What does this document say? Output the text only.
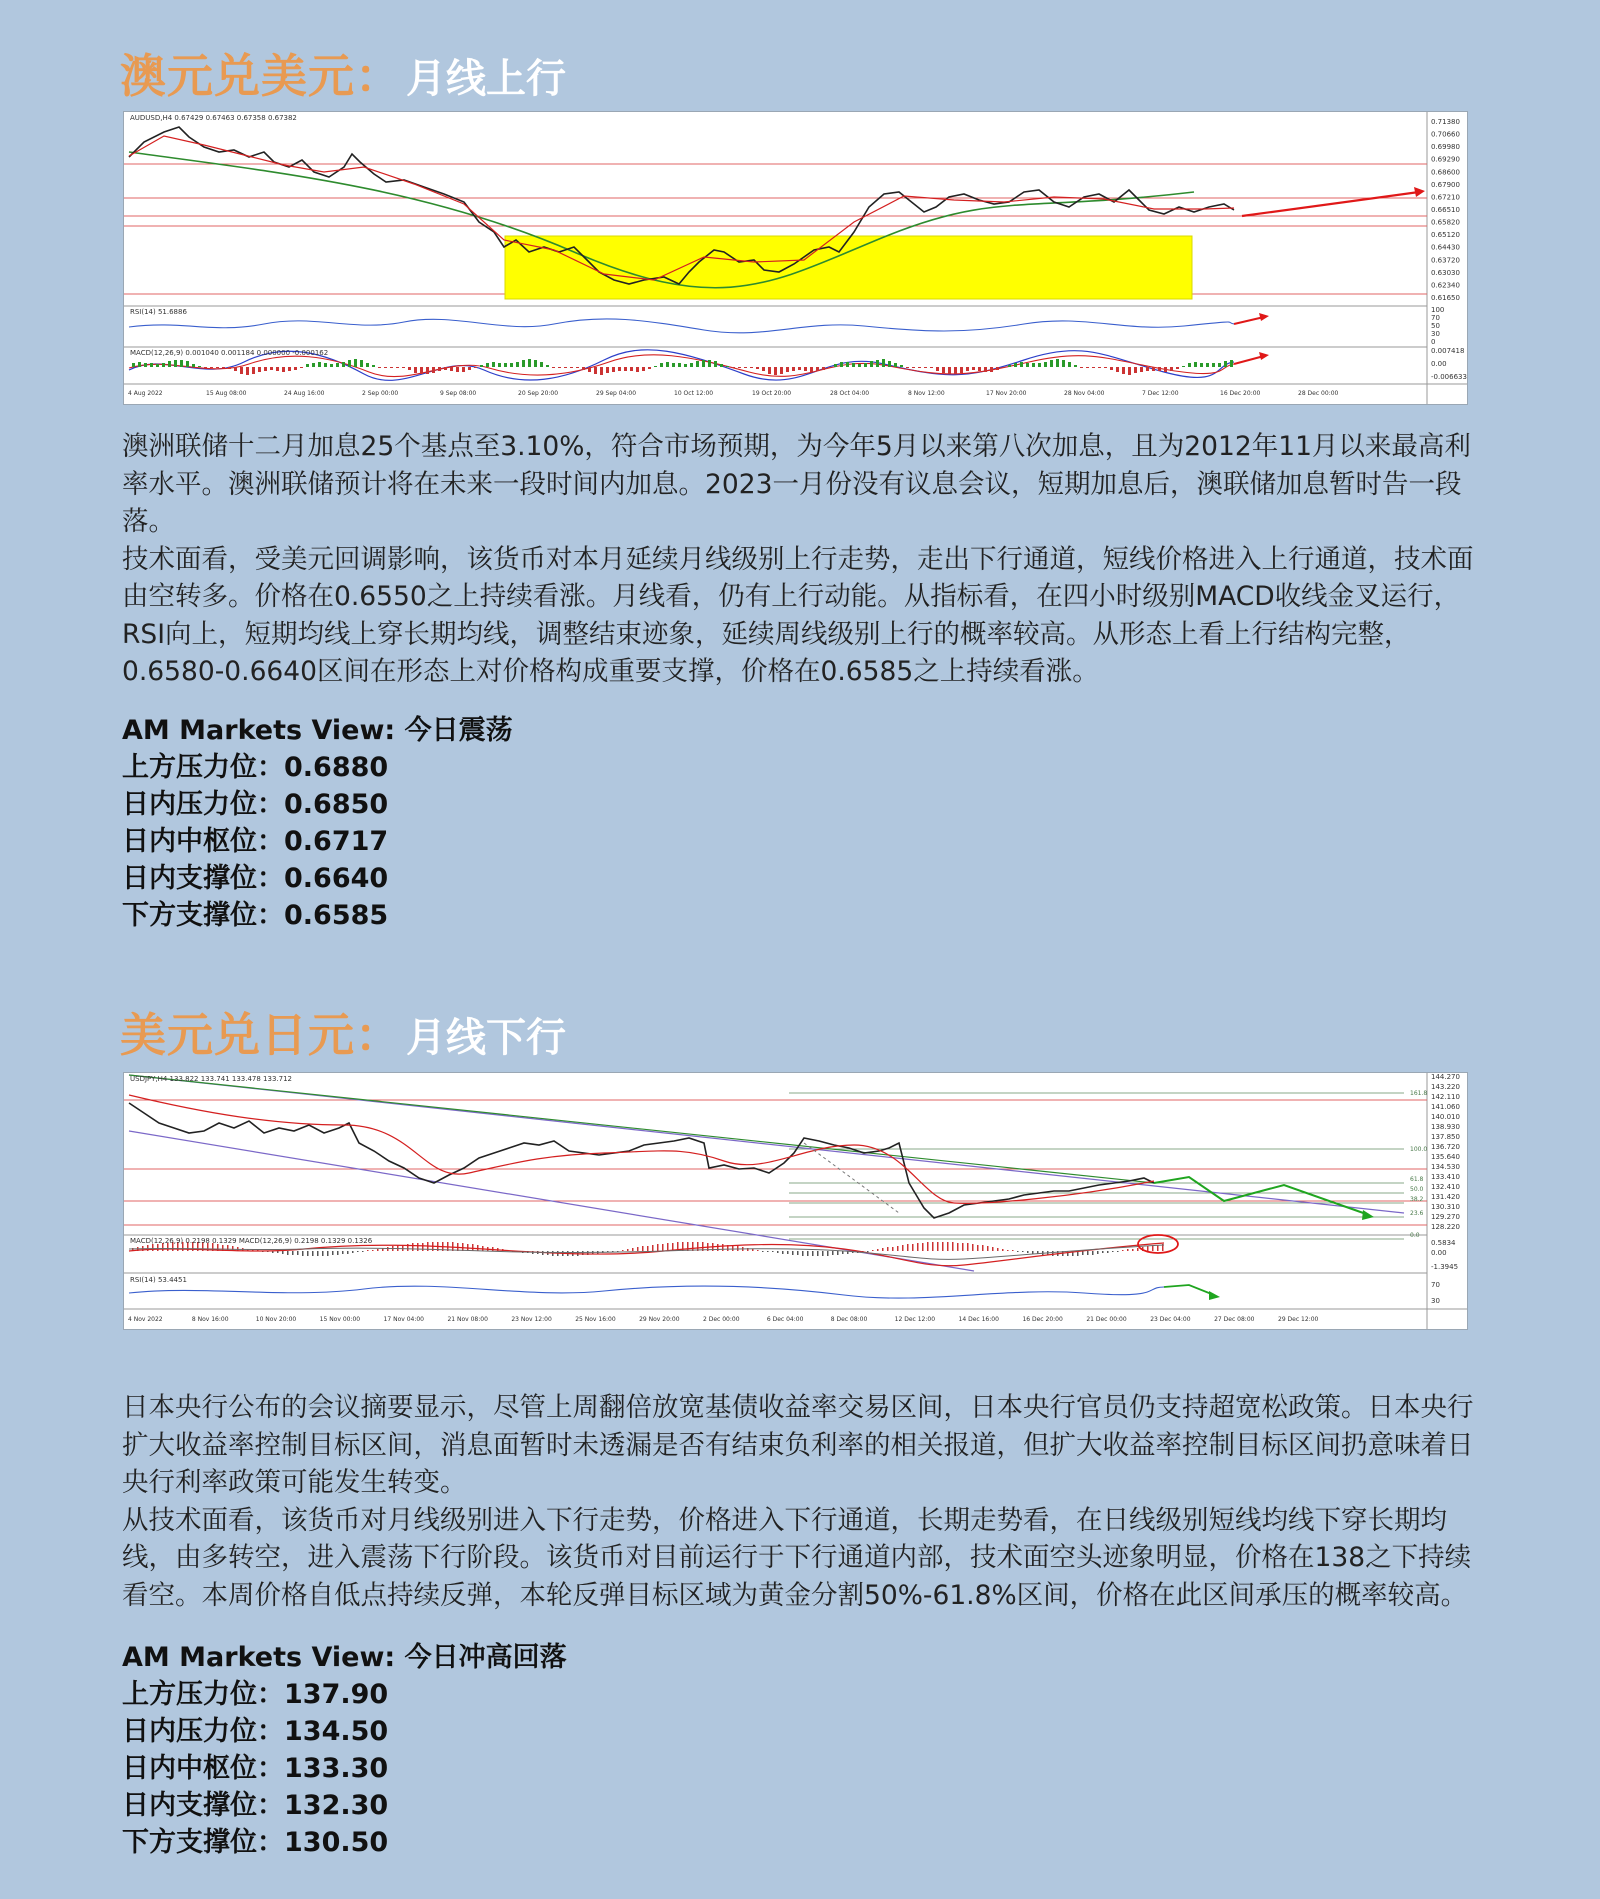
澳元兑美元： 月线上行
AUDUSD,H4 0.67429 0.67463 0.67358 0.67382
RSI(14) 51.6886
MACD(12,26,9) 0.001040 0.001184 0.000000 -0.000162
0.71380
0.70660
0.69980
0.69290
0.68600
0.67900
0.67210
0.66510
0.65820
0.65120
0.64430
0.63720
0.63030
0.62340
0.61650
100
70
50
30
0
0.007418
0.00
-0.006633
4 Aug 2022	15 Aug 08:00	24 Aug 16:00	2 Sep 00:00	9 Sep 08:00	20 Sep 20:00	29 Sep 04:00	10 Oct 12:00	19 Oct 20:00	28 Oct 04:00	8 Nov 12:00	17 Nov 20:00	28 Nov 04:00	7 Dec 12:00	16 Dec 20:00	28 Dec 00:00

澳洲联储十二月加息25个基点至3.10%，符合市场预期，为今年5月以来第八次加息，且为2012年11月以来最高利率水平。澳洲联储预计将在未来一段时间内加息。2023一月份没有议息会议，短期加息后，澳联储加息暂时告一段落。

技术面看，受美元回调影响，该货币对本月延续月线级别上行走势，走出下行通道，短线价格进入上行通道，技术面由空转多。价格在0.6550之上持续看涨。月线看，仍有上行动能。从指标看，在四小时级别MACD收线金叉运行，RSI向上，短期均线上穿长期均线，调整结束迹象，延续周线级别上行的概率较高。从形态上看上行结构完整，0.6580-0.6640区间在形态上对价格构成重要支撑，价格在0.6585之上持续看涨。

AM Markets View: 今日震荡
上方压力位： 0.6880
日内压力位： 0.6850
日内中枢位： 0.6717
日内支撑位： 0.6640
下方支撑位： 0.6585
美元兑日元： 月线下行
USDJPY,H4 133.822 133.741 133.478 133.712
MACD(12,26,9) 0.2198 0.1329 MACD(12,26,9) 0.2198 0.1329 0.1326
RSI(14) 53.4451
144.270
143.220
142.110
141.060
140.010
138.930
137.850
136.720
135.640
134.530
133.410
132.410
131.420
130.310
129.270
128.220
161.8
100.0
61.8
50.0
38.2
23.6
0.0
0.5834
0.00
-1.3945
70
30
4 Nov 2022	8 Nov 16:00	10 Nov 20:00	15 Nov 00:00	17 Nov 04:00	21 Nov 08:00	23 Nov 12:00	25 Nov 16:00	29 Nov 20:00	2 Dec 00:00	6 Dec 04:00	8 Dec 08:00	12 Dec 12:00	14 Dec 16:00	16 Dec 20:00	21 Dec 00:00	23 Dec 04:00	27 Dec 08:00	29 Dec 12:00

日本央行公布的会议摘要显示，尽管上周翻倍放宽基债收益率交易区间，日本央行官员仍支持超宽松政策。日本央行扩大收益率控制目标区间，消息面暂时未透漏是否有结束负利率的相关报道，但扩大收益率控制目标区间扔意味着日央行利率政策可能发生转变。

从技术面看，该货币对月线级别进入下行走势，价格进入下行通道，长期走势看，在日线级别短线均线下穿长期均线，由多转空，进入震荡下行阶段。该货币对目前运行于下行通道内部，技术面空头迹象明显，价格在138之下持续看空。本周价格自低点持续反弹，本轮反弹目标区域为黄金分割50%-61.8%区间，价格在此区间承压的概率较高。

AM Markets View: 今日冲高回落
上方压力位： 137.90
日内压力位： 134.50
日内中枢位： 133.30
日内支撑位： 132.30
下方支撑位： 130.50
